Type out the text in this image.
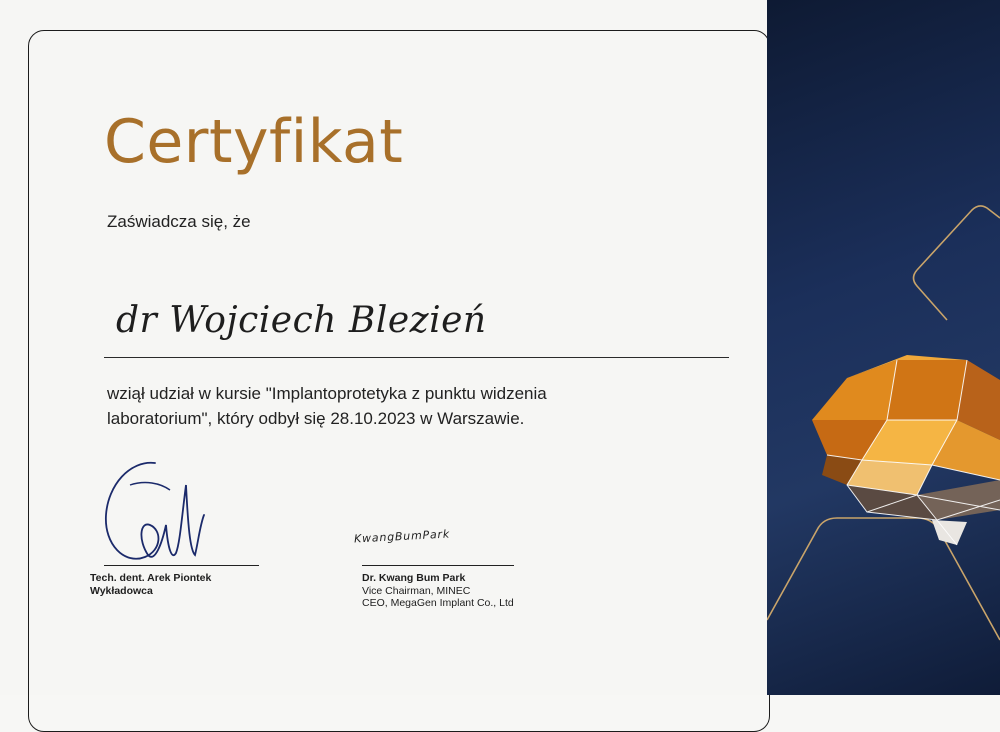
Certyfikat
Zaświadcza się, że
dr Wojciech Blezień
wziął udział w kursie "Implantoprotetyka z punktu widzenia
laboratorium", który odbył się 28.10.2023 w Warszawie.
Tech. dent. Arek Piontek
Wykładowca
KwangBumPark
Dr. Kwang Bum Park
Vice Chairman, MINEC
CEO, MegaGen Implant Co., Ltd
